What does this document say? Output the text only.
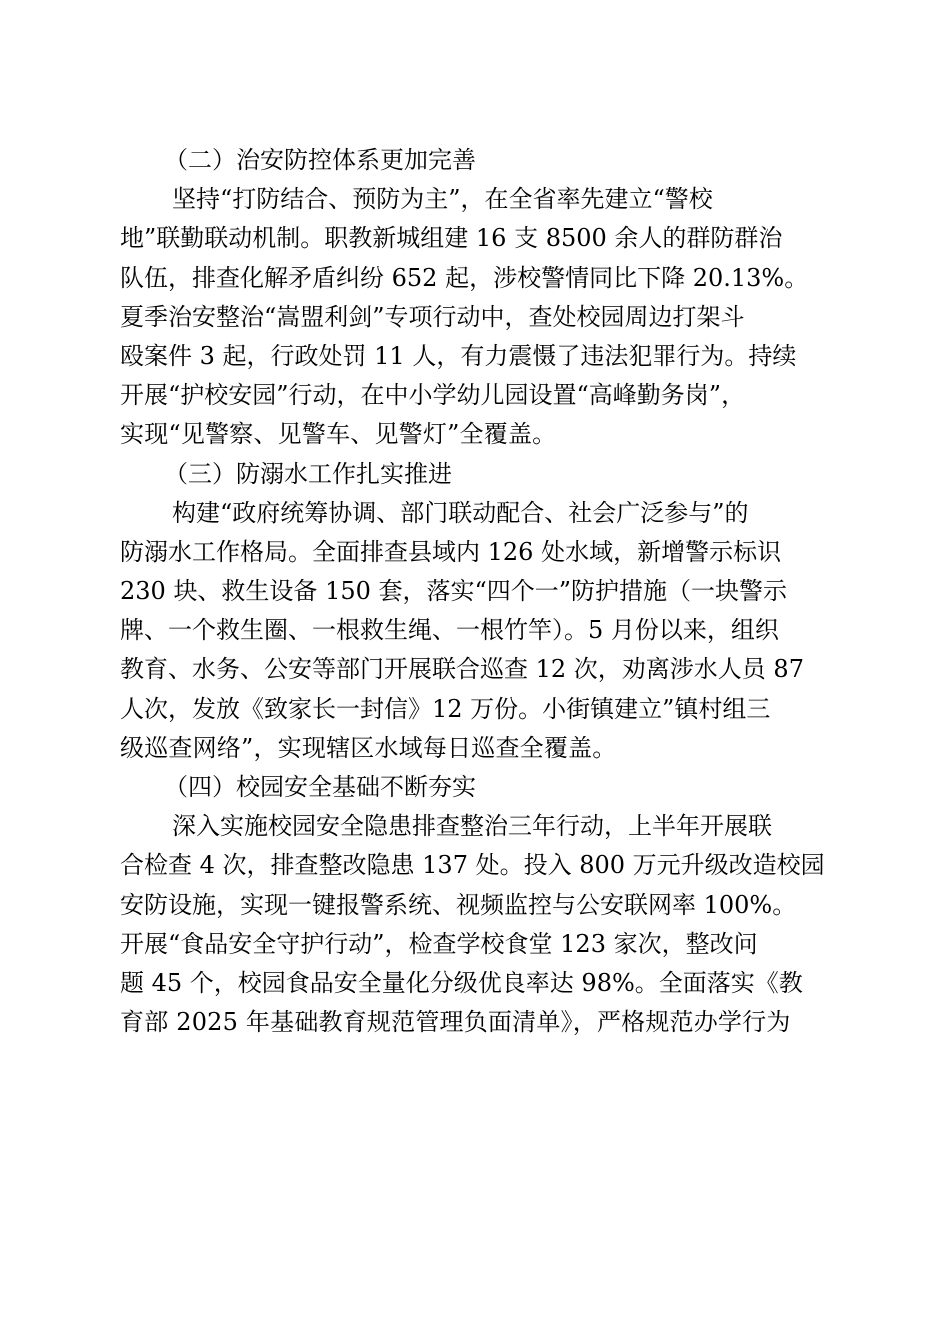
（二）治安防控体系更加完善

坚持“打防结合、预防为主”，在全省率先建立“警校

地”联勤联动机制。职教新城组建 16 支 8500 余人的群防群治

队伍，排查化解矛盾纠纷 652 起，涉校警情同比下降 20.13%。

夏季治安整治“嵩盟利剑”专项行动中，查处校园周边打架斗

殴案件 3 起，行政处罚 11 人，有力震慑了违法犯罪行为。持续

开展“护校安园”行动，在中小学幼儿园设置“高峰勤务岗”，

实现“见警察、见警车、见警灯”全覆盖。

（三）防溺水工作扎实推进

构建“政府统筹协调、部门联动配合、社会广泛参与”的

防溺水工作格局。全面排查县域内 126 处水域，新增警示标识

230 块、救生设备 150 套，落实“四个一”防护措施（一块警示

牌、一个救生圈、一根救生绳、一根竹竿）。5 月份以来，组织

教育、水务、公安等部门开展联合巡查 12 次，劝离涉水人员 87

人次，发放《致家长一封信》12 万份。小街镇建立”镇村组三

级巡查网络”，实现辖区水域每日巡查全覆盖。

（四）校园安全基础不断夯实

深入实施校园安全隐患排查整治三年行动，上半年开展联

合检查 4 次，排查整改隐患 137 处。投入 800 万元升级改造校园

安防设施，实现一键报警系统、视频监控与公安联网率 100%。

开展“食品安全守护行动”，检查学校食堂 123 家次，整改问

题 45 个，校园食品安全量化分级优良率达 98%。全面落实《教

育部 2025 年基础教育规范管理负面清单》，严格规范办学行为
